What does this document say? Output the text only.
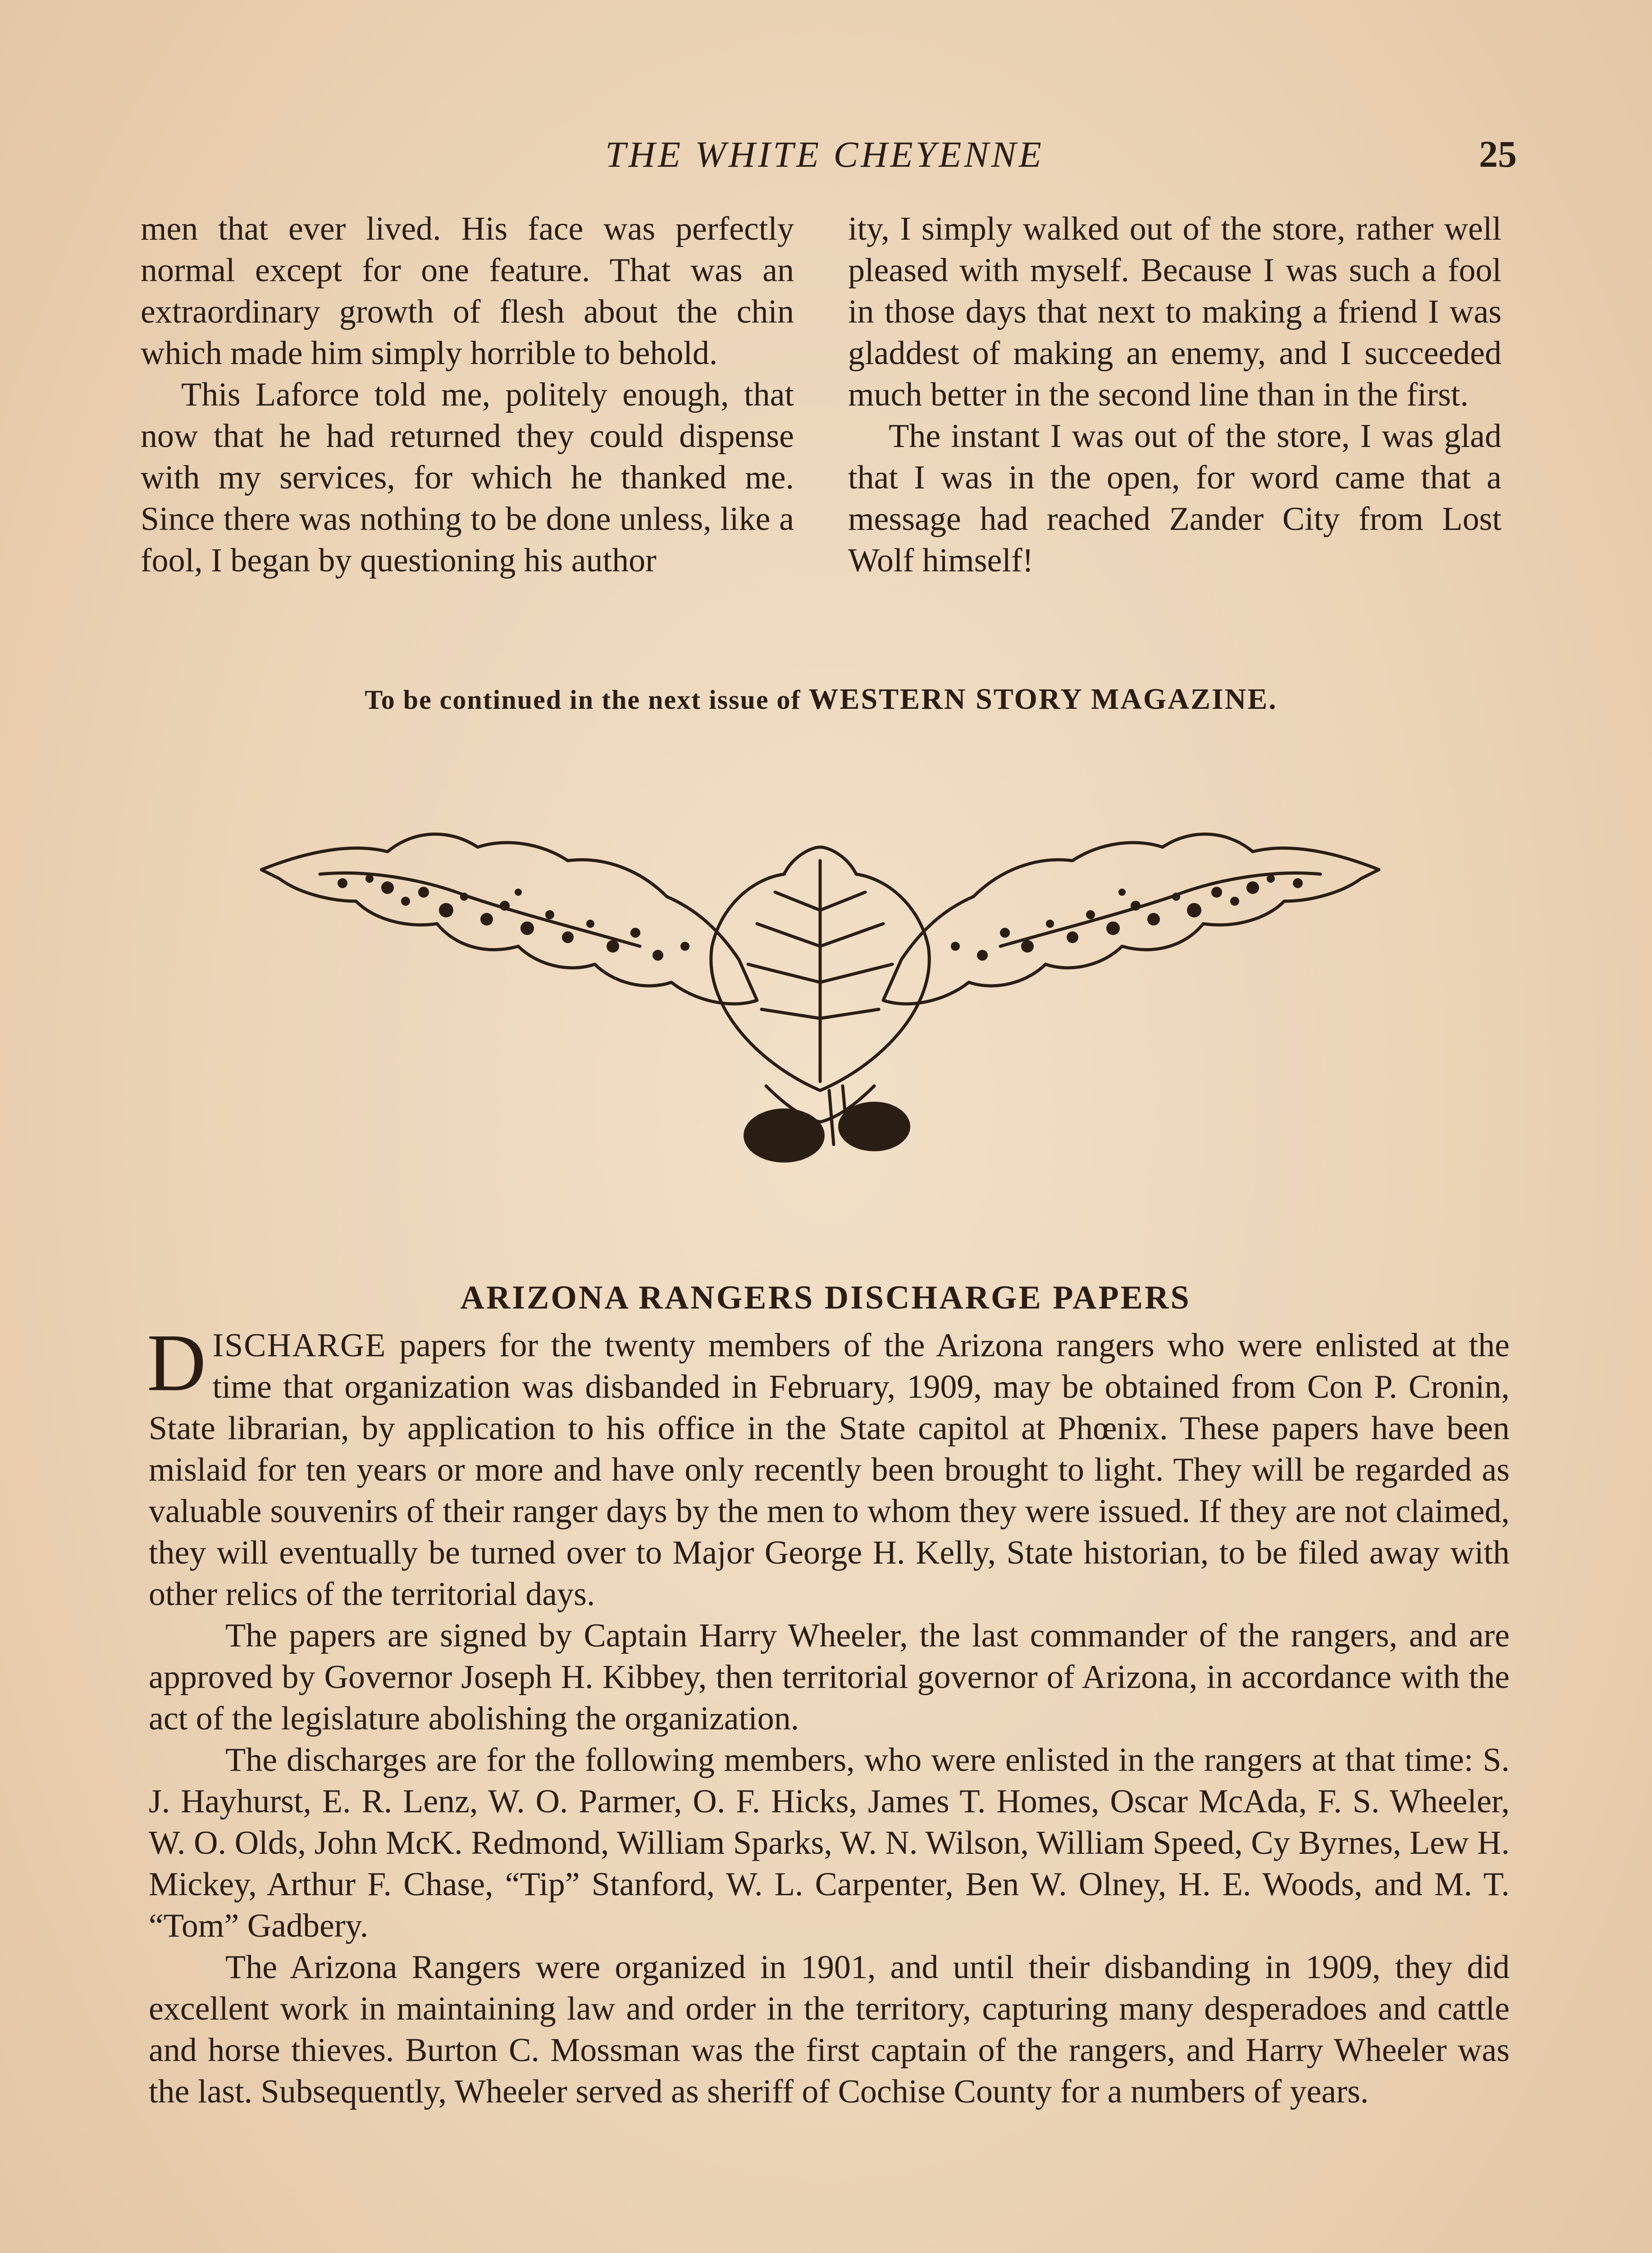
THE WHITE CHEYENNE	25

men that ever lived. His face was perfectly normal except for one feature. That was an extraordinary growth of flesh about the chin which made him simply horrible to behold.

This Laforce told me, politely enough, that now that he had returned they could dispense with my services, for which he thanked me. Since there was nothing to be done unless, like a fool, I began by questioning his author

ity, I simply walked out of the store, rather well pleased with myself. Because I was such a fool in those days that next to making a friend I was gladdest of making an enemy, and I succeeded much better in the second line than in the first.

The instant I was out of the store, I was glad that I was in the open, for word came that a message had reached Zander City from Lost Wolf himself!

To be continued in the next issue of WESTERN STORY MAGAZINE.
ARIZONA RANGERS DISCHARGE PAPERS

DISCHARGE papers for the twenty members of the Arizona rangers who were enlisted at the time that organization was disbanded in February, 1909, may be obtained from Con P. Cronin, State librarian, by application to his office in the State capitol at Phœnix. These papers have been mislaid for ten years or more and have only recently been brought to light. They will be regarded as valuable souvenirs of their ranger days by the men to whom they were issued. If they are not claimed, they will eventually be turned over to Major George H. Kelly, State historian, to be filed away with other relics of the territorial days.

The papers are signed by Captain Harry Wheeler, the last commander of the rangers, and are approved by Governor Joseph H. Kibbey, then territorial governor of Arizona, in accordance with the act of the legislature abolishing the organization.

The discharges are for the following members, who were enlisted in the rangers at that time: S. J. Hayhurst, E. R. Lenz, W. O. Parmer, O. F. Hicks, James T. Homes, Oscar McAda, F. S. Wheeler, W. O. Olds, John McK. Redmond, William Sparks, W. N. Wilson, William Speed, Cy Byrnes, Lew H. Mickey, Arthur F. Chase, “Tip” Stanford, W. L. Carpenter, Ben W. Olney, H. E. Woods, and M. T. “Tom” Gadbery.

The Arizona Rangers were organized in 1901, and until their disbanding in 1909, they did excellent work in maintaining law and order in the territory, capturing many desperadoes and cattle and horse thieves. Burton C. Mossman was the first captain of the rangers, and Harry Wheeler was the last. Subsequently, Wheeler served as sheriff of Cochise County for a numbers of years.
